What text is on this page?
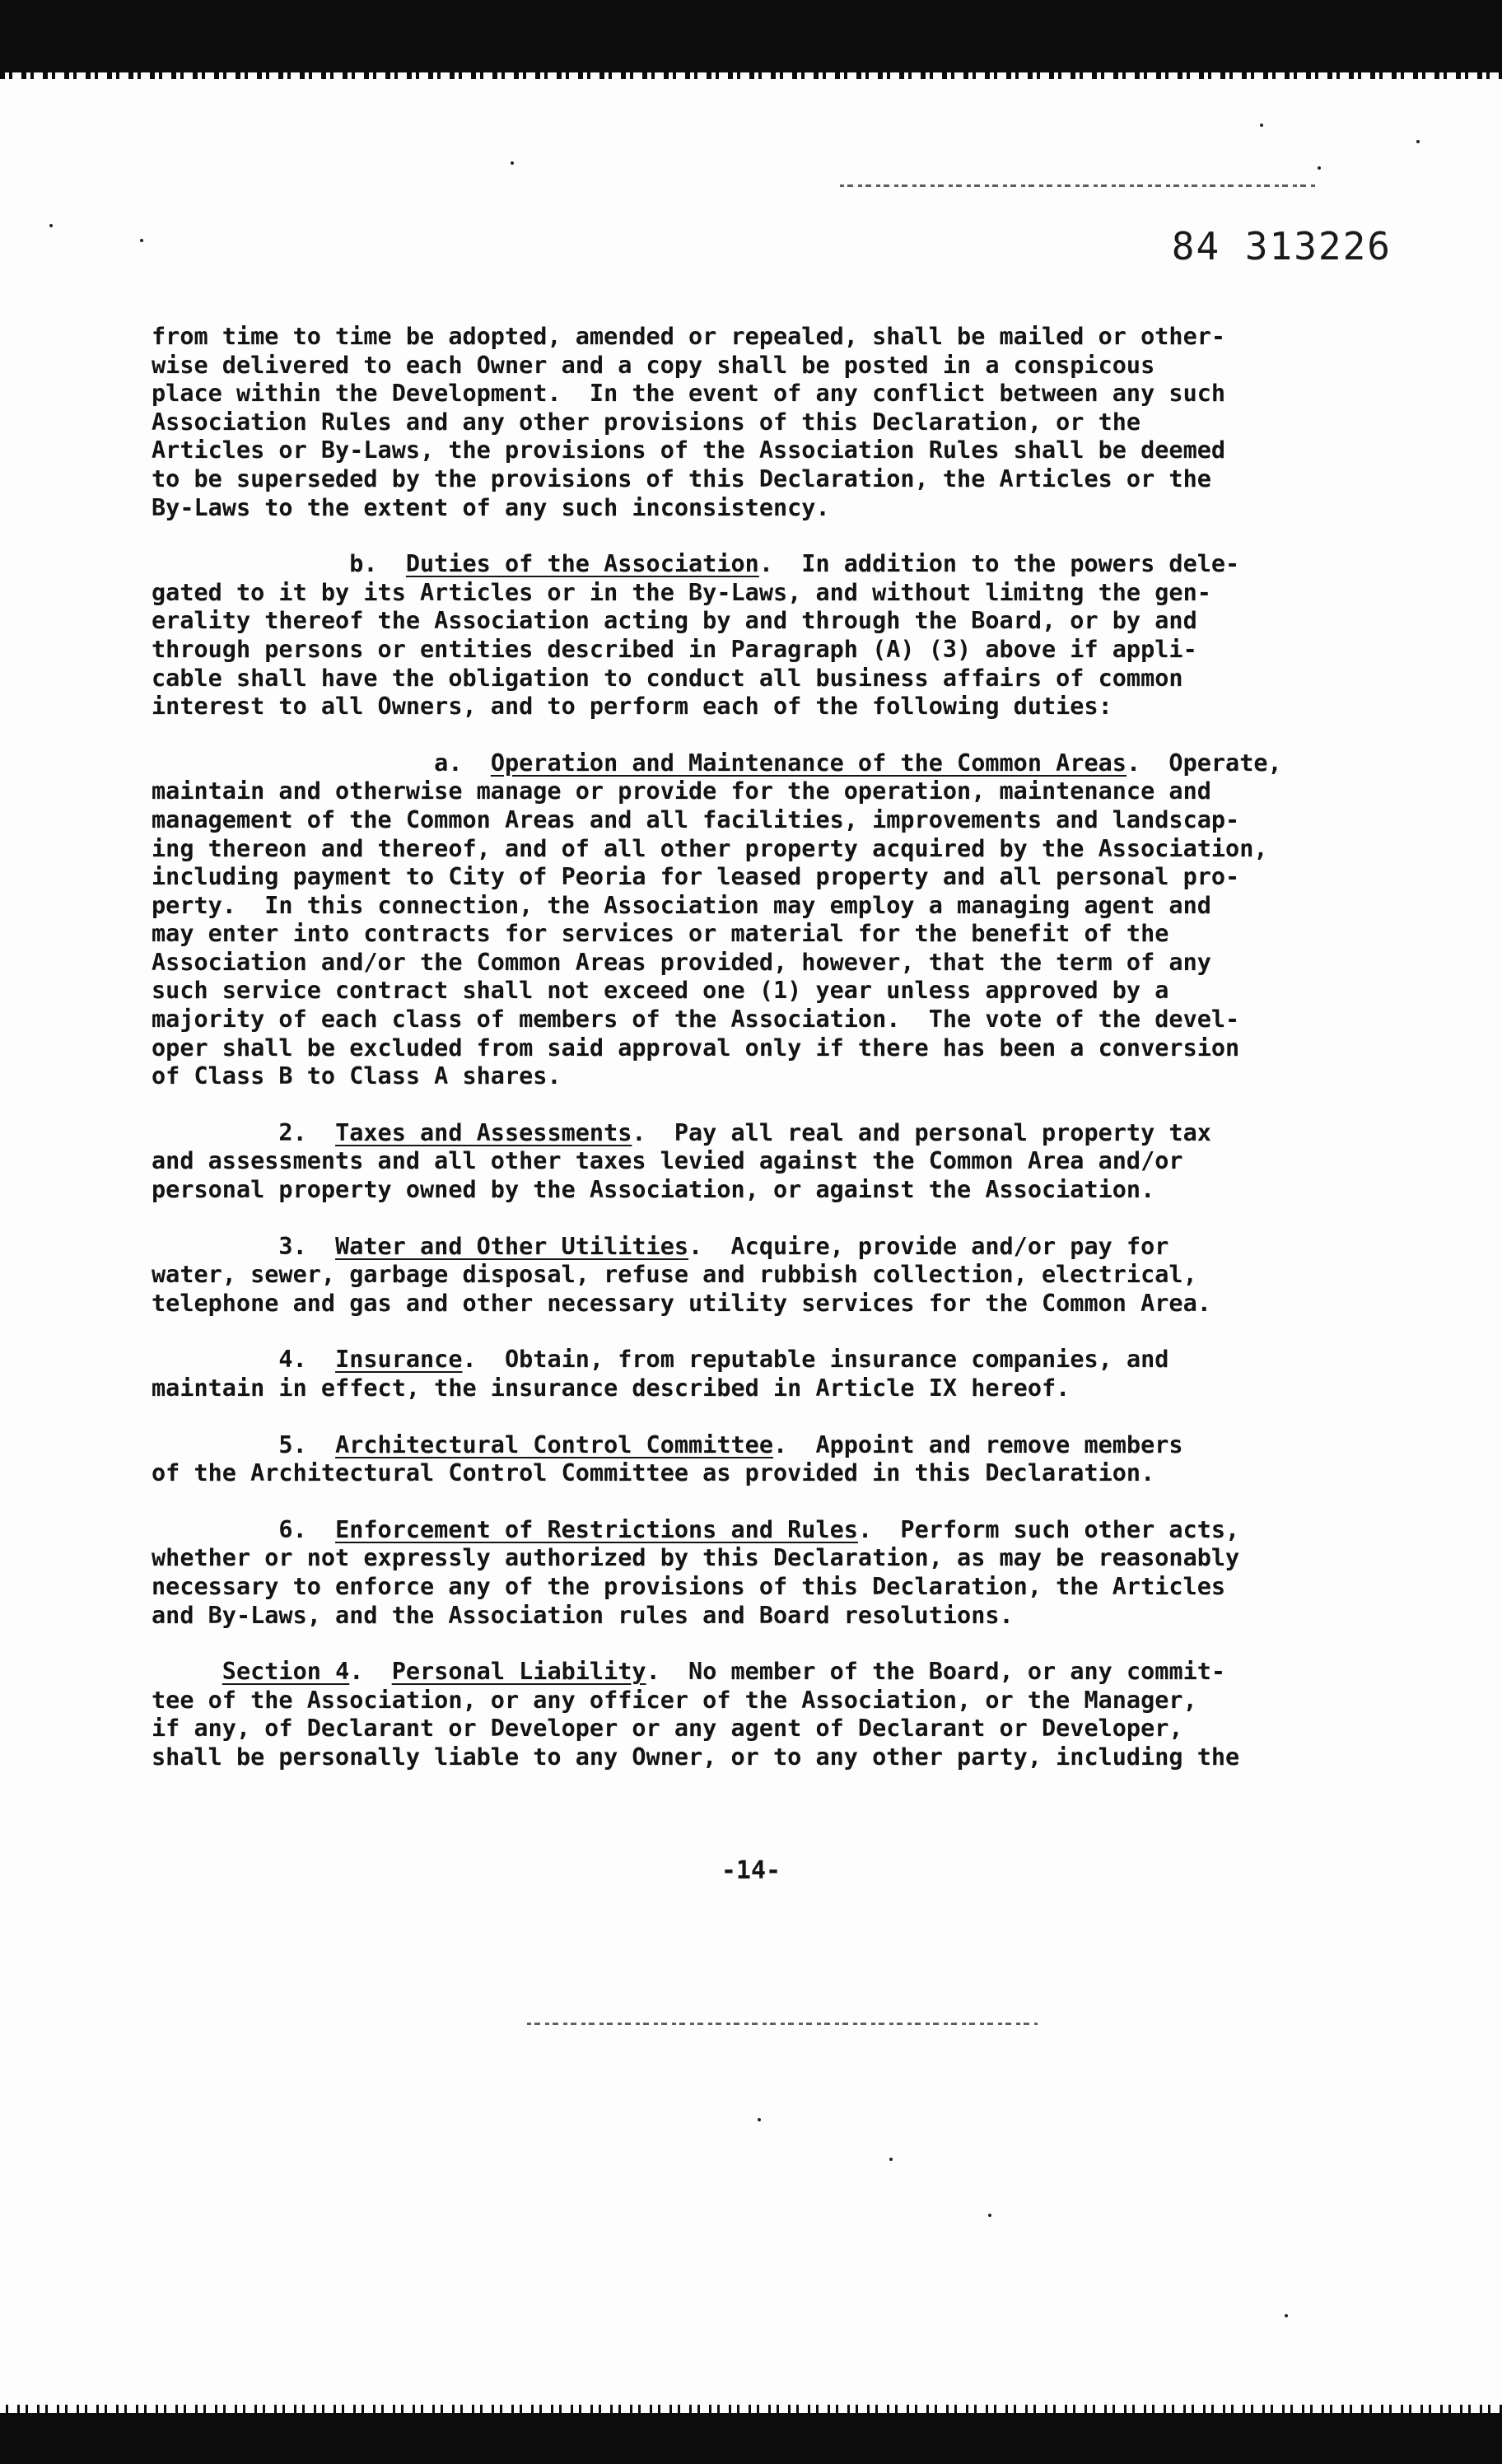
84 313226
from time to time be adopted, amended or repealed, shall be mailed or other-
wise delivered to each Owner and a copy shall be posted in a conspicous
place within the Development.  In the event of any conflict between any such
Association Rules and any other provisions of this Declaration, or the
Articles or By-Laws, the provisions of the Association Rules shall be deemed
to be superseded by the provisions of this Declaration, the Articles or the
By-Laws to the extent of any such inconsistency.
b.  Duties of the Association.  In addition to the powers dele-
gated to it by its Articles or in the By-Laws, and without limitng the gen-
erality thereof the Association acting by and through the Board, or by and
through persons or entities described in Paragraph (A) (3) above if appli-
cable shall have the obligation to conduct all business affairs of common
interest to all Owners, and to perform each of the following duties:
a.  Operation and Maintenance of the Common Areas.  Operate,
maintain and otherwise manage or provide for the operation, maintenance and
management of the Common Areas and all facilities, improvements and landscap-
ing thereon and thereof, and of all other property acquired by the Association,
including payment to City of Peoria for leased property and all personal pro-
perty.  In this connection, the Association may employ a managing agent and
may enter into contracts for services or material for the benefit of the
Association and/or the Common Areas provided, however, that the term of any
such service contract shall not exceed one (1) year unless approved by a
majority of each class of members of the Association.  The vote of the devel-
oper shall be excluded from said approval only if there has been a conversion
of Class B to Class A shares.
2.  Taxes and Assessments.  Pay all real and personal property tax
and assessments and all other taxes levied against the Common Area and/or
personal property owned by the Association, or against the Association.
3.  Water and Other Utilities.  Acquire, provide and/or pay for
water, sewer, garbage disposal, refuse and rubbish collection, electrical,
telephone and gas and other necessary utility services for the Common Area.
4.  Insurance.  Obtain, from reputable insurance companies, and
maintain in effect, the insurance described in Article IX hereof.
5.  Architectural Control Committee.  Appoint and remove members
of the Architectural Control Committee as provided in this Declaration.
6.  Enforcement of Restrictions and Rules.  Perform such other acts,
whether or not expressly authorized by this Declaration, as may be reasonably
necessary to enforce any of the provisions of this Declaration, the Articles
and By-Laws, and the Association rules and Board resolutions.
Section 4.  Personal Liability.  No member of the Board, or any commit-
tee of the Association, or any officer of the Association, or the Manager,
if any, of Declarant or Developer or any agent of Declarant or Developer,
shall be personally liable to any Owner, or to any other party, including the
-14-
